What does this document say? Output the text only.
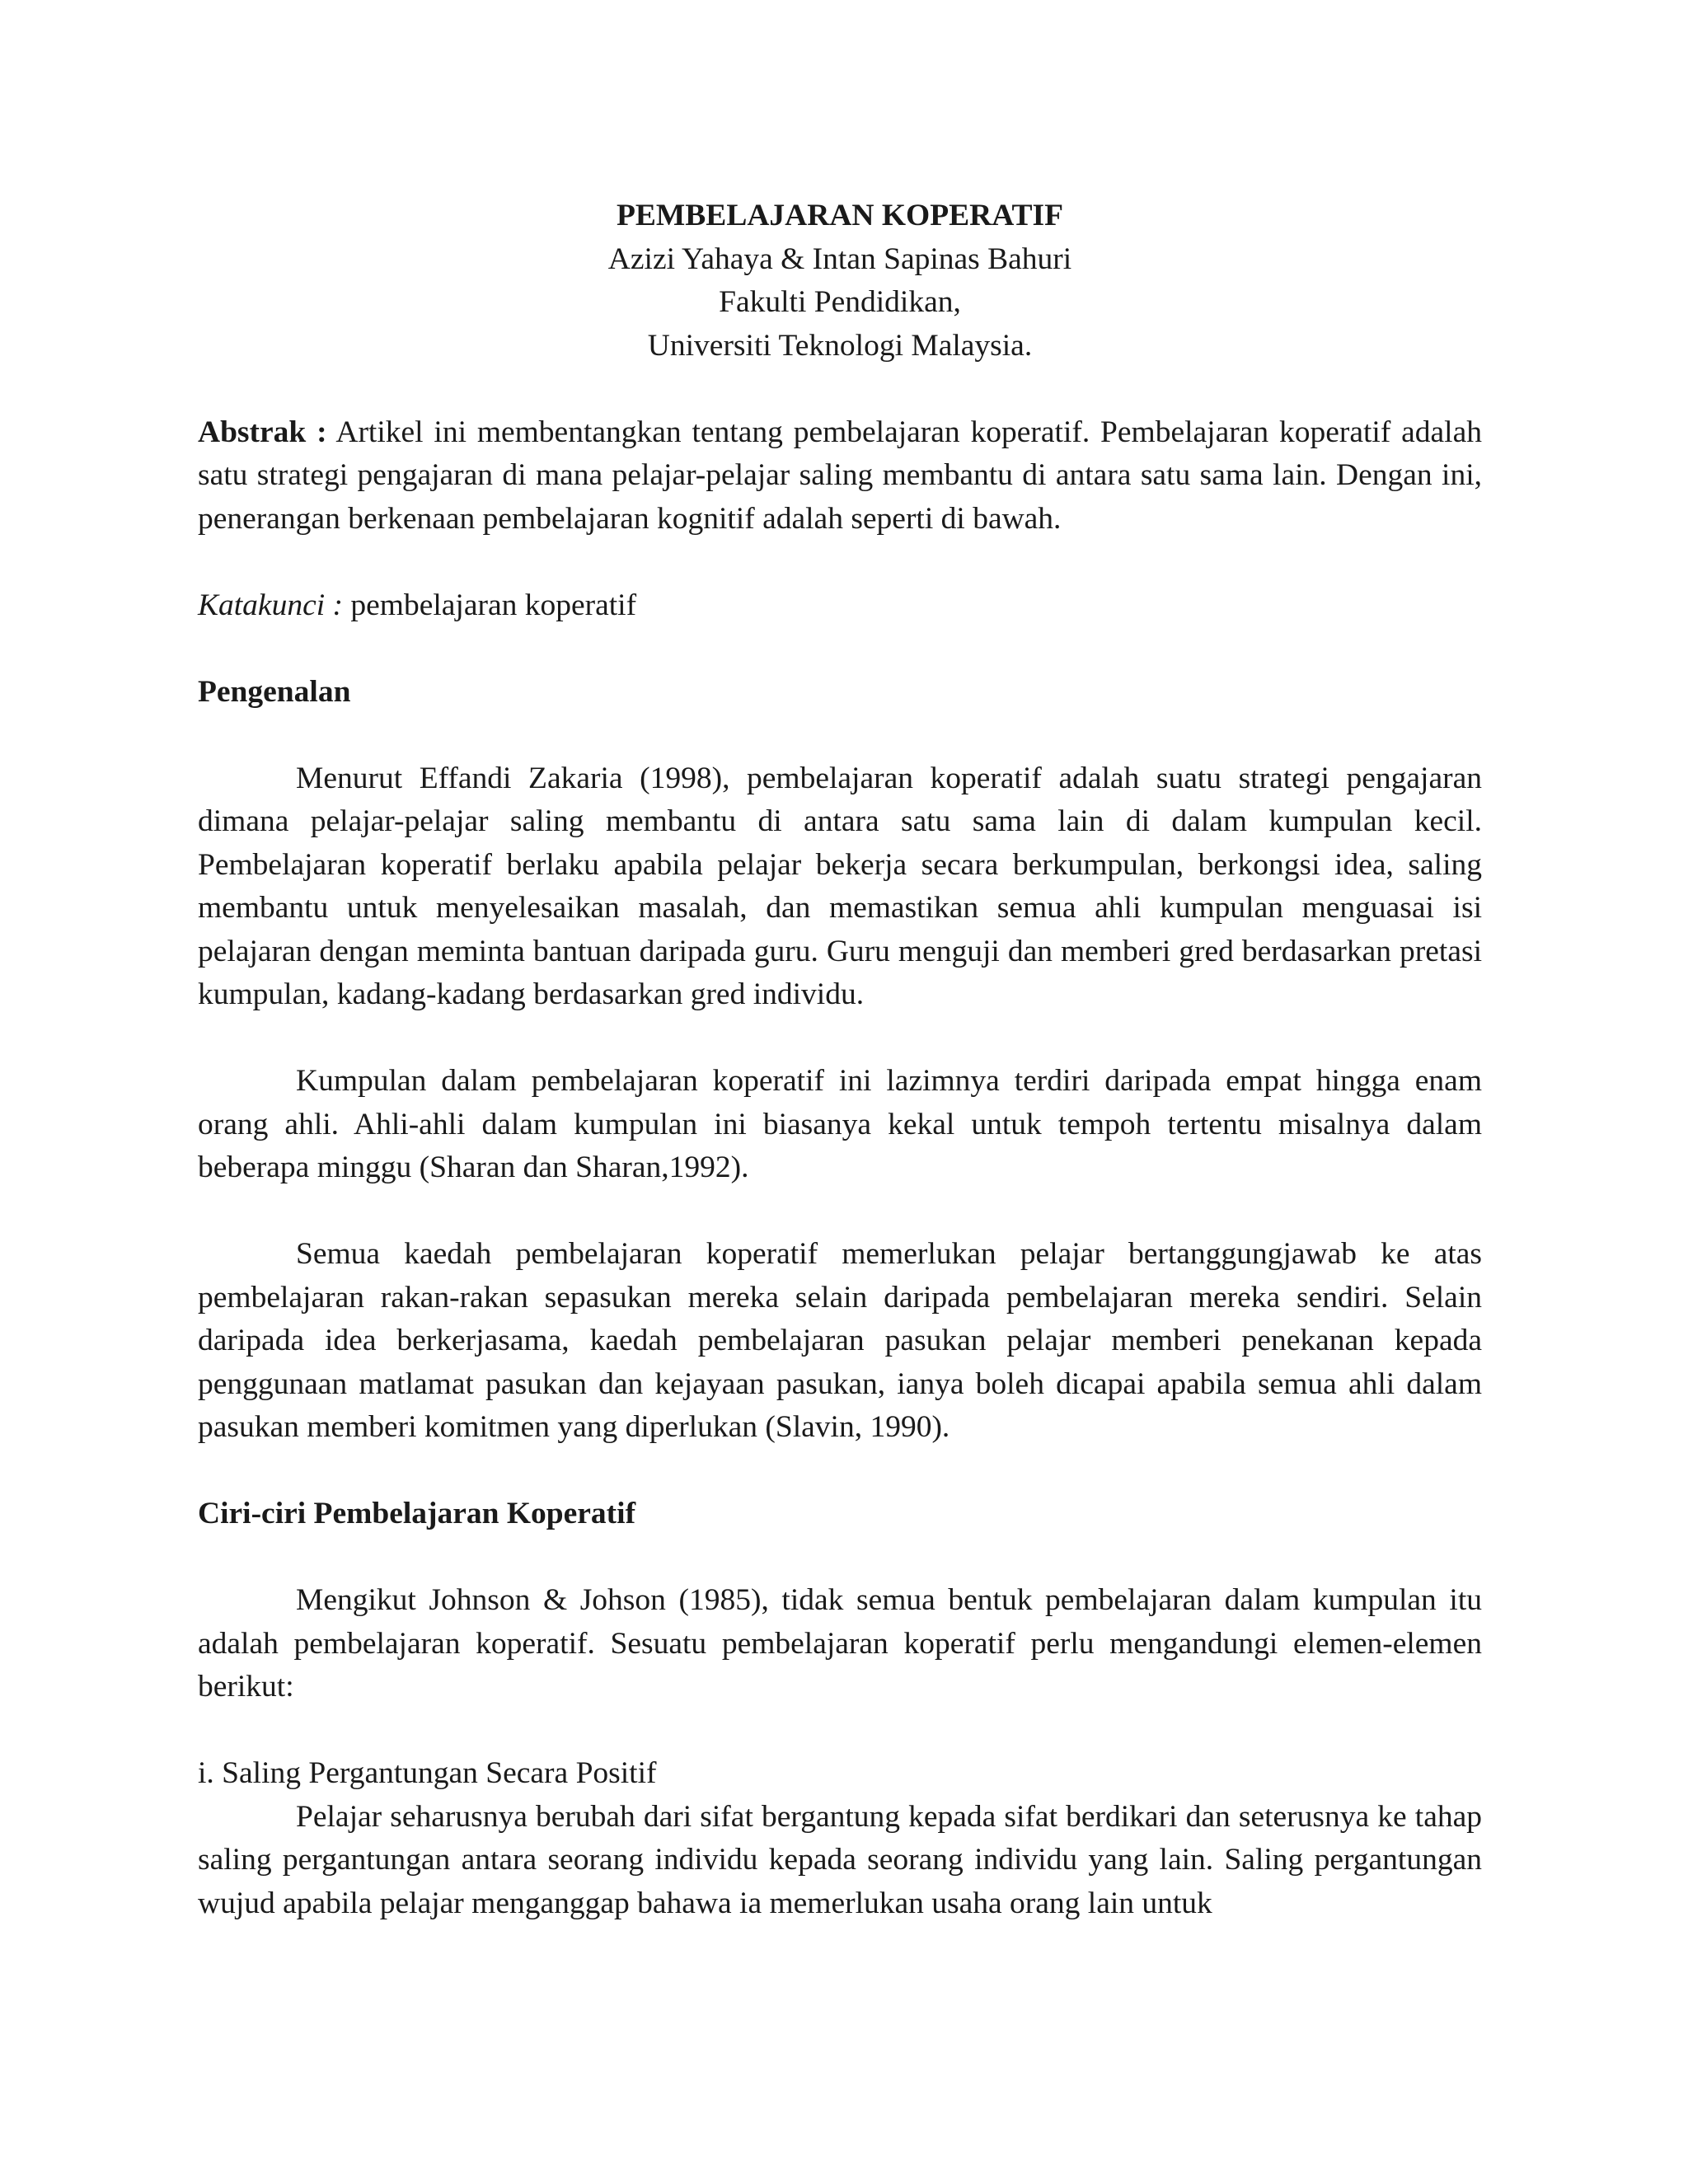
PEMBELAJARAN KOPERATIF
Azizi Yahaya & Intan Sapinas Bahuri
Fakulti Pendidikan,
Universiti Teknologi Malaysia.

Abstrak : Artikel ini membentangkan tentang pembelajaran koperatif. Pembelajaran koperatif adalah satu strategi pengajaran di mana pelajar-pelajar saling membantu di antara satu sama lain. Dengan ini, penerangan berkenaan pembelajaran kognitif adalah seperti di bawah.

Katakunci : pembelajaran koperatif

Pengenalan

Menurut Effandi Zakaria (1998), pembelajaran koperatif adalah suatu strategi pengajaran dimana pelajar-pelajar saling membantu di antara satu sama lain di dalam kumpulan kecil. Pembelajaran koperatif berlaku apabila pelajar bekerja secara berkumpulan, berkongsi idea, saling membantu untuk menyelesaikan masalah, dan memastikan semua ahli kumpulan menguasai isi pelajaran dengan meminta bantuan daripada guru. Guru menguji dan memberi gred berdasarkan pretasi kumpulan, kadang-kadang berdasarkan gred individu.

Kumpulan dalam pembelajaran koperatif ini lazimnya terdiri daripada empat hingga enam orang ahli. Ahli-ahli dalam kumpulan ini biasanya kekal untuk tempoh tertentu misalnya dalam beberapa minggu (Sharan dan Sharan,1992).

Semua kaedah pembelajaran koperatif memerlukan pelajar bertanggungjawab ke atas pembelajaran rakan-rakan sepasukan mereka selain daripada pembelajaran mereka sendiri. Selain daripada idea berkerjasama, kaedah pembelajaran pasukan pelajar memberi penekanan kepada penggunaan matlamat pasukan dan kejayaan pasukan, ianya boleh dicapai apabila semua ahli dalam pasukan memberi komitmen yang diperlukan (Slavin, 1990).

Ciri-ciri Pembelajaran Koperatif

Mengikut Johnson & Johson (1985), tidak semua bentuk pembelajaran dalam kumpulan itu adalah pembelajaran koperatif. Sesuatu pembelajaran koperatif perlu mengandungi elemen-elemen berikut:

i. Saling Pergantungan Secara Positif

Pelajar seharusnya berubah dari sifat bergantung kepada sifat berdikari dan seterusnya ke tahap saling pergantungan antara seorang individu kepada seorang individu yang lain. Saling pergantungan wujud apabila pelajar menganggap bahawa ia memerlukan usaha orang lain untuk
